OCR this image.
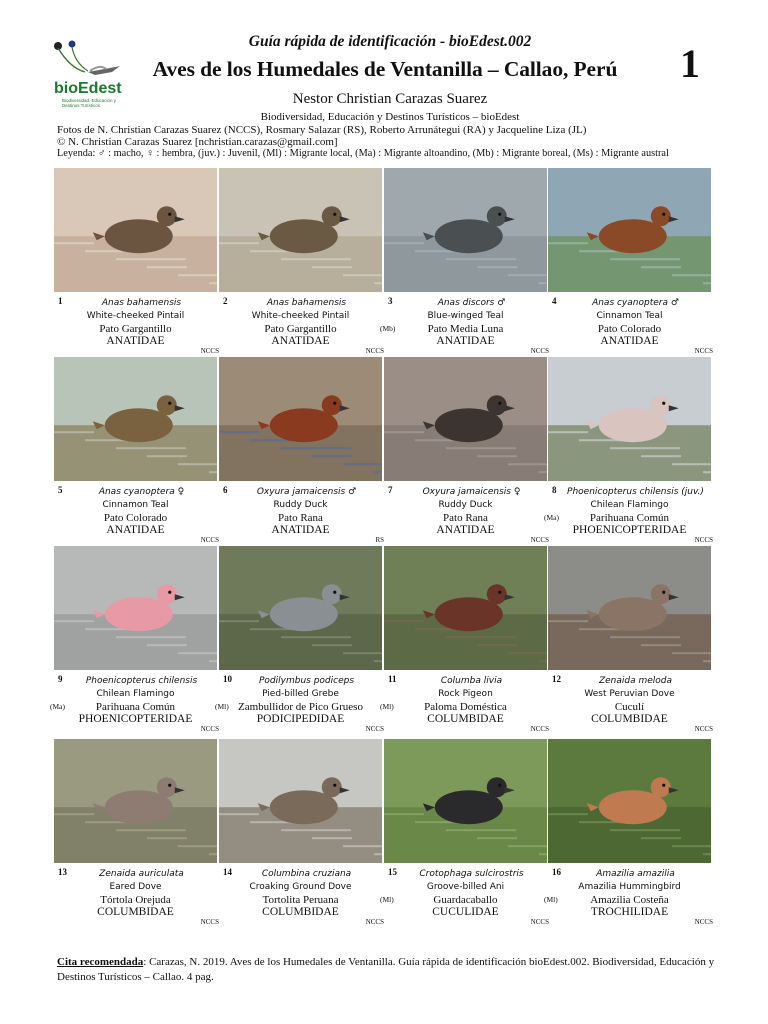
bioEdest
Biodiversidad, Educación y Destinos Turísticos
Guía rápida de identificación - bioEdest.002
Aves de los Humedales de Ventanilla – Callao, Perú	1
Nestor Christian Carazas Suarez
Biodiversidad, Educación y Destinos Turísticos – bioEdest
Fotos de N. Christian Carazas Suarez (NCCS), Rosmary Salazar (RS), Roberto Arrunátegui (RA) y Jacqueline Liza (JL)
© N. Christian Carazas Suarez [nchristian.carazas@gmail.com]
Leyenda: ♂ : macho, ♀ : hembra, (juv.) : Juvenil, (Ml) : Migrante local, (Ma) : Migrante altoandino, (Mb) : Migrante boreal, (Ms) : Migrante austral
1	Anas bahamensis
White-cheeked Pintail
Pato Gargantillo
ANATIDAE
NCCS
2	Anas bahamensis
White-cheeked Pintail
Pato Gargantillo
ANATIDAE
NCCS
3	Anas discors ♂
Blue-winged Teal
Pato Media Luna
ANATIDAE
(Mb)
NCCS
4	Anas cyanoptera ♂
Cinnamon Teal
Pato Colorado
ANATIDAE
NCCS
5	Anas cyanoptera ♀
Cinnamon Teal
Pato Colorado
ANATIDAE
NCCS
6	Oxyura jamaicensis ♂
Ruddy Duck
Pato Rana
ANATIDAE
RS
7	Oxyura jamaicensis ♀
Ruddy Duck
Pato Rana
ANATIDAE
NCCS
8	Phoenicopterus chilensis (juv.)
Chilean Flamingo
Parihuana Común
PHOENICOPTERIDAE
(Ma)
NCCS
9	Phoenicopterus chilensis
Chilean Flamingo
Parihuana Común
PHOENICOPTERIDAE
(Ma)
NCCS
10	Podilymbus podiceps
Pied-billed Grebe
Zambullidor de Pico Grueso
PODICIPEDIDAE
(Ml)
NCCS
11	Columba livia
Rock Pigeon
Paloma Doméstica
COLUMBIDAE
(Ml)
NCCS
12	Zenaida meloda
West Peruvian Dove
Cuculí
COLUMBIDAE
NCCS
13	Zenaida auriculata
Eared Dove
Tórtola Orejuda
COLUMBIDAE
NCCS
14	Columbina cruziana
Croaking Ground Dove
Tortolita Peruana
COLUMBIDAE
NCCS
15	Crotophaga sulcirostris
Groove-billed Ani
Guardacaballo
CUCULIDAE
(Ml)
NCCS
16	Amazilia amazilia
Amazilia Hummingbird
Amazilia Costeña
TROCHILIDAE
(Ml)
NCCS
Cita recomendada: Carazas, N. 2019. Aves de los Humedales de Ventanilla. Guía rápida de identificación bioEdest.002. Biodiversidad, Educación y Destinos Turísticos – Callao. 4 pag.
